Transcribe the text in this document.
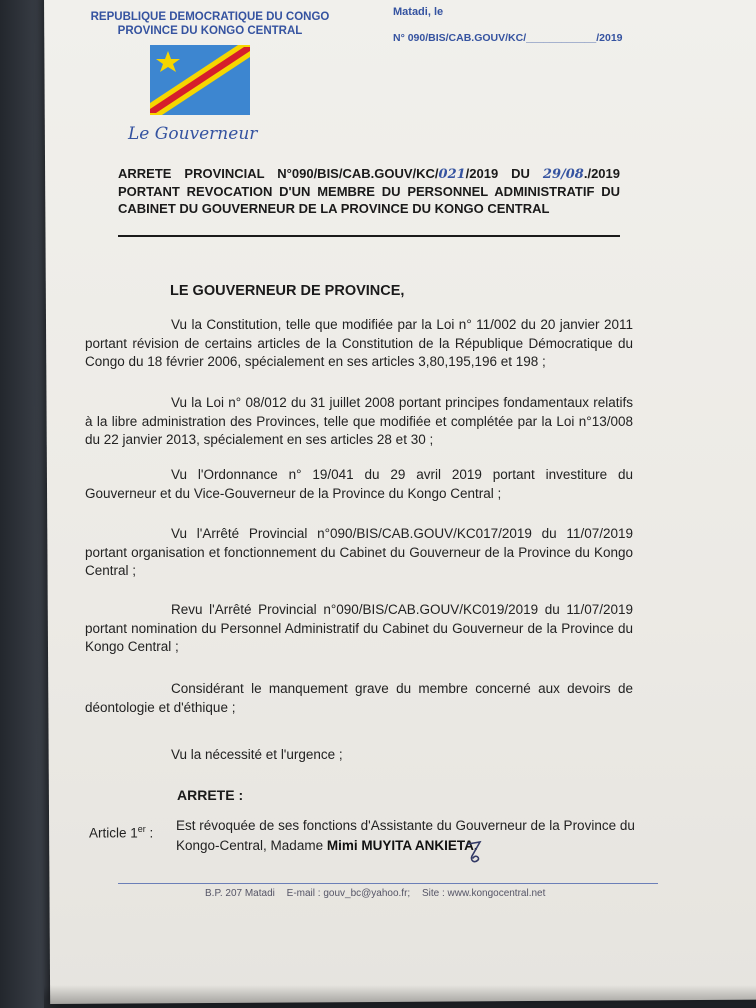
REPUBLIQUE DEMOCRATIQUE DU CONGO
PROVINCE DU KONGO CENTRAL
Matadi, le
N° 090/BIS/CAB.GOUV/KC/____________/2019
Le Gouverneur
ARRETE PROVINCIAL N°090/BIS/CAB.GOUV/KC/021/2019 DU 29/08./2019 PORTANT REVOCATION D'UN MEMBRE DU PERSONNEL ADMINISTRATIF DU CABINET DU GOUVERNEUR DE LA PROVINCE DU KONGO CENTRAL
LE GOUVERNEUR DE PROVINCE,
Vu la Constitution, telle que modifiée par la Loi n° 11/002 du 20 janvier 2011 portant révision de certains articles de la Constitution de la République Démocratique du Congo du 18 février 2006, spécialement en ses articles 3,80,195,196 et 198 ;
Vu la Loi n° 08/012 du 31 juillet 2008 portant principes fondamentaux relatifs à la libre administration des Provinces, telle que modifiée et complétée par la Loi n°13/008 du 22 janvier 2013, spécialement en ses articles 28 et 30 ;
Vu l'Ordonnance n° 19/041 du 29 avril 2019 portant investiture du Gouverneur et du Vice-Gouverneur de la Province du Kongo Central ;
Vu l'Arrêté Provincial n°090/BIS/CAB.GOUV/KC017/2019 du 11/07/2019 portant organisation et fonctionnement du Cabinet du Gouverneur de la Province du Kongo Central ;
Revu l'Arrêté Provincial n°090/BIS/CAB.GOUV/KC019/2019 du 11/07/2019 portant nomination du Personnel Administratif du Cabinet du Gouverneur de la Province du Kongo Central ;
Considérant le manquement grave du membre concerné aux devoirs de déontologie et d'éthique ;
Vu la nécessité et l'urgence ;
ARRETE :
Article 1er : Est révoquée de ses fonctions d'Assistante du Gouverneur de la Province du Kongo-Central, Madame Mimi MUYITA ANKIETA.
B.P. 207 Matadi E-mail : gouv_bc@yahoo.fr; Site : www.kongocentral.net
